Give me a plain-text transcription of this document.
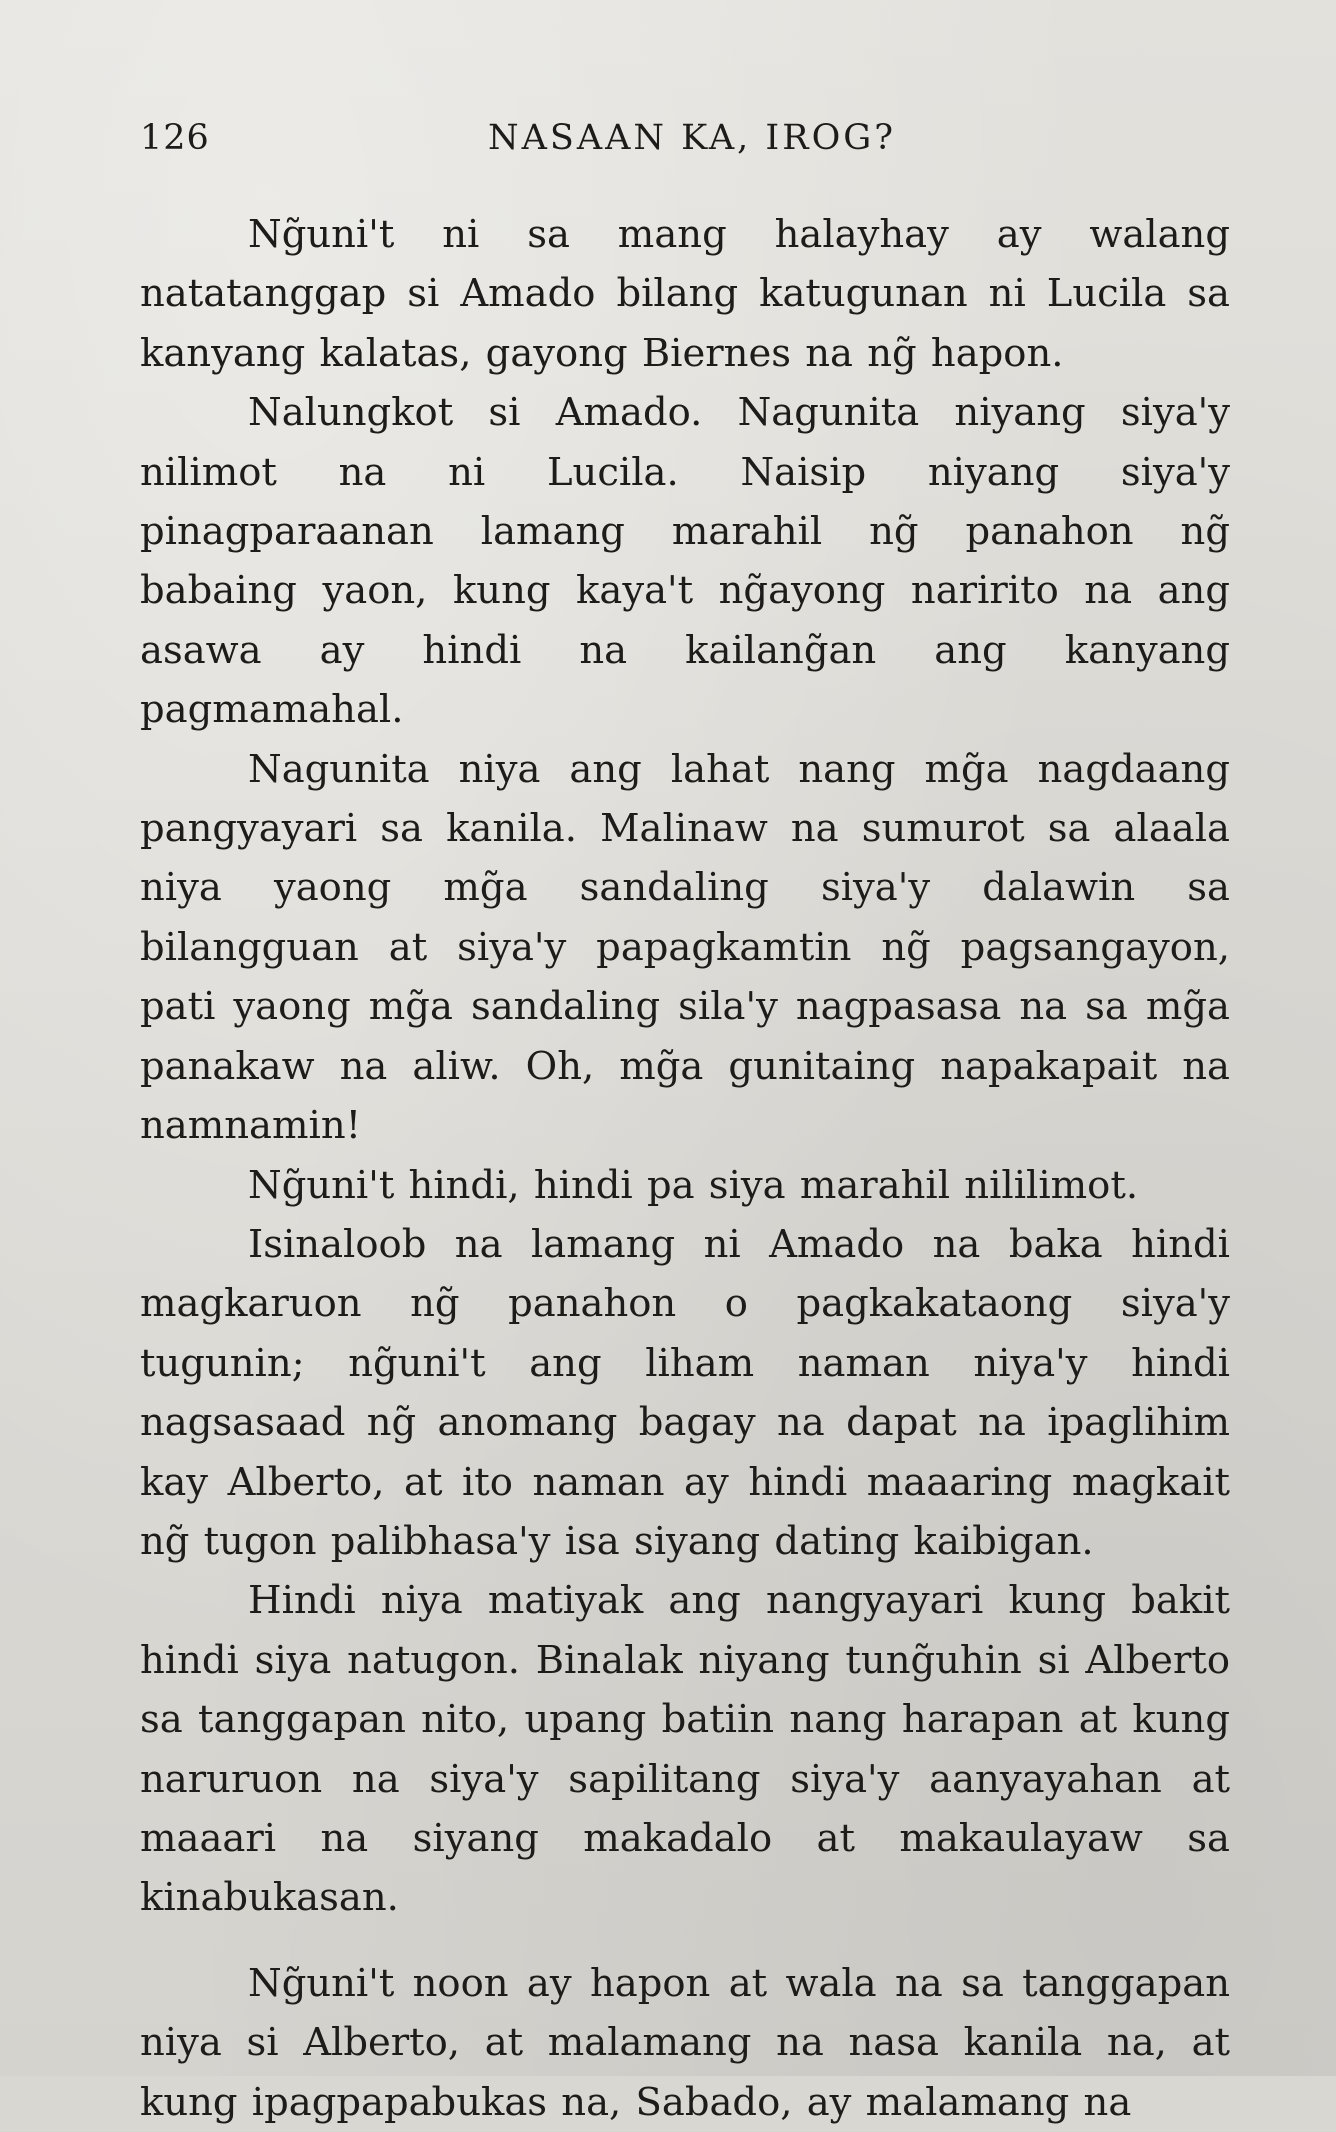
126	NASAAN KA, IROG?

Ng̃uni't ni sa mang halayhay ay walang natatanggap si Amado bilang katugunan ni Lucila sa kanyang kalatas, gayong Biernes na ng̃ hapon.

Nalungkot si Amado. Nagunita niyang siya'y nilimot na ni Lucila. Naisip niyang siya'y pinagparaanan lamang marahil ng̃ panahon ng̃ babaing yaon, kung kaya't ng̃ayong naririto na ang asawa ay hindi na kailang̃an ang kanyang pagmamahal.

Nagunita niya ang lahat nang mg̃a nagdaang pangyayari sa kanila. Malinaw na sumurot sa alaala niya yaong mg̃a sandaling siya'y dalawin sa bilangguan at siya'y papagkamtin ng̃ pagsangayon, pati yaong mg̃a sandaling sila'y nagpasasa na sa mg̃a panakaw na aliw. Oh, mg̃a gunitaing napakapait na namnamin!

Ng̃uni't hindi, hindi pa siya marahil nililimot.

Isinaloob na lamang ni Amado na baka hindi magkaruon ng̃ panahon o pagkakataong siya'y tugunin; ng̃uni't ang liham naman niya'y hindi nagsasaad ng̃ anomang bagay na dapat na ipaglihim kay Alberto, at ito naman ay hindi maaaring magkait ng̃ tugon palibhasa'y isa siyang dating kaibigan.

Hindi niya matiyak ang nangyayari kung bakit hindi siya natugon. Binalak niyang tung̃uhin si Alberto sa tanggapan nito, upang batiin nang harapan at kung naruruon na siya'y sapilitang siya'y aanyayahan at maaari na siyang makadalo at makaulayaw sa kinabukasan.

Ng̃uni't noon ay hapon at wala na sa tanggapan niya si Alberto, at malamang na nasa kanila na, at kung ipagpapabukas na, Sabado, ay malamang na
